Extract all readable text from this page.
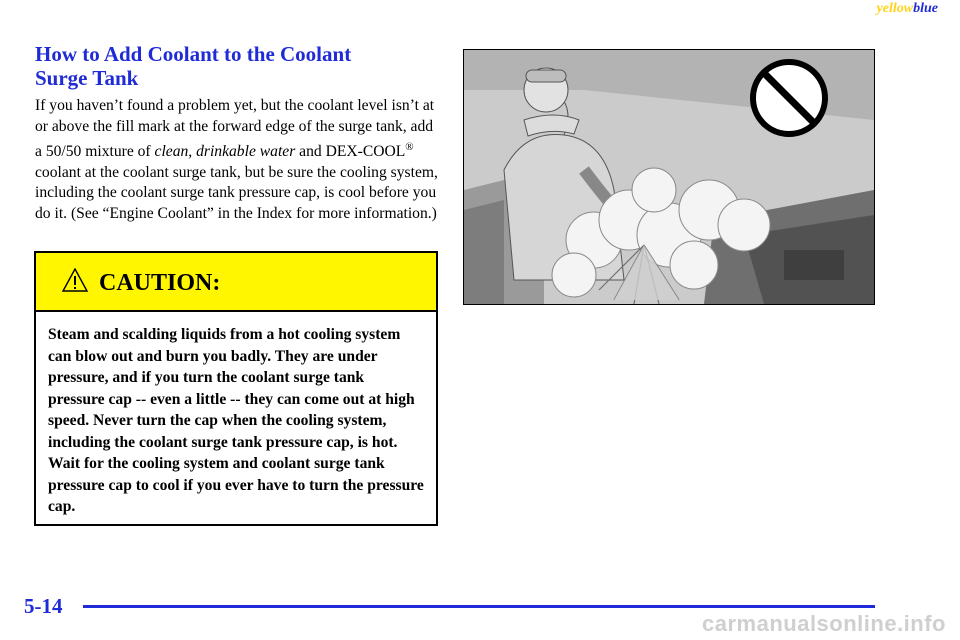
yellowblue
How to Add Coolant to the Coolant
Surge Tank

If you haven’t found a problem yet, but the coolant level isn’t at or above the fill mark at the forward edge of the surge tank, add a 50/50 mixture of clean, drinkable water and DEX-COOL® coolant at the coolant surge tank, but be sure the cooling system, including the coolant surge tank pressure cap, is cool before you do it. (See “Engine Coolant” in the Index for more information.)

CAUTION:

Steam and scalding liquids from a hot cooling system can blow out and burn you badly. They are under pressure, and if you turn the coolant surge tank pressure cap -- even a little -- they can come out at high speed. Never turn the cap when the cooling system, including the coolant surge tank pressure cap, is hot. Wait for the cooling system and coolant surge tank pressure cap to cool if you ever have to turn the pressure cap.

5-14
carmanualsonline.info
